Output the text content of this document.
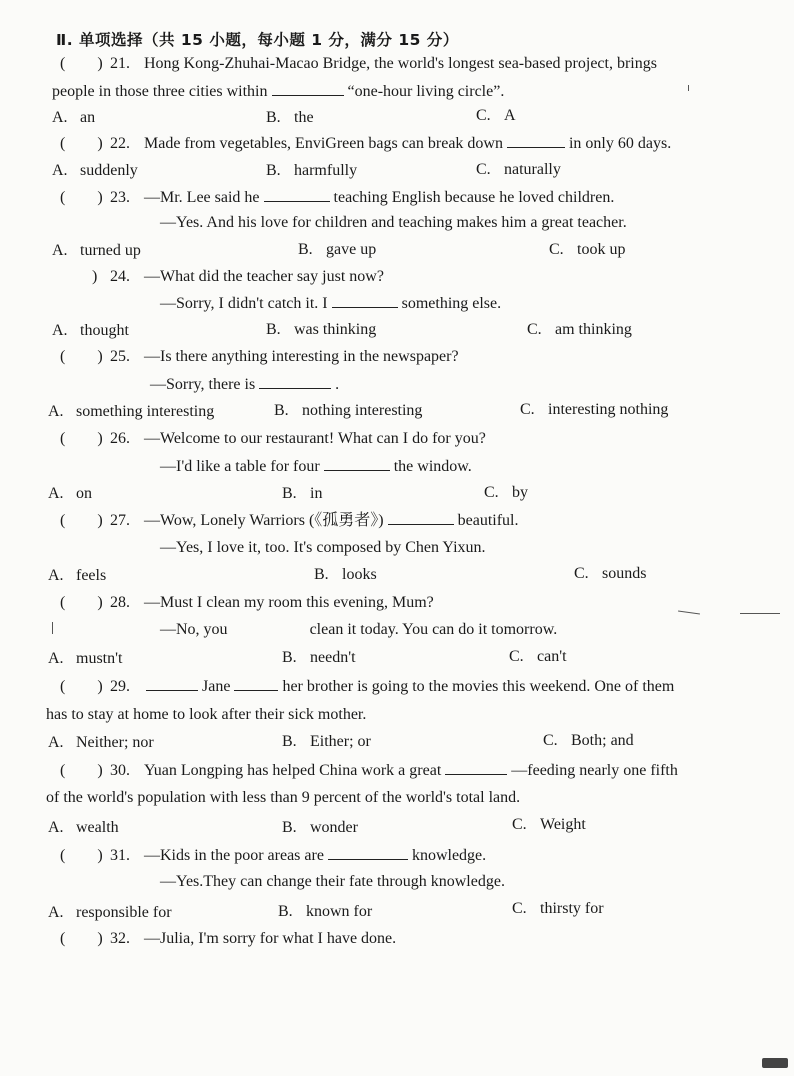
Ⅱ. 单项选择（共 15 小题，每小题 1 分，满分 15 分）
(　　) 21. Hong Kong-Zhuhai-Macao Bridge, the world's longest sea-based project, brings
people in those three cities within	“one-hour living circle”.
A. an	B. the	C. A
(　　) 22. Made from vegetables, EnviGreen bags can break down	in only 60 days.
A. suddenly	B. harmfully	C. naturally
(　　) 23. —Mr. Lee said he	teaching English because he loved children.
—Yes. And his love for children and teaching makes him a great teacher.
A. turned up	B. gave up	C. took up
　　) 24. —What did the teacher say just now?
—Sorry, I didn't catch it. I	something else.
A. thought	B. was thinking	C. am thinking
(　　) 25. —Is there anything interesting in the newspaper?
—Sorry, there is	.
A. something interesting	B. nothing interesting	C. interesting nothing
(　　) 26. —Welcome to our restaurant! What can I do for you?
—I'd like a table for four	the window.
A. on	B. in	C. by
(　　) 27. —Wow, Lonely Warriors (《孤勇者》)	beautiful.
—Yes, I love it, too. It's composed by Chen Yixun.
A. feels	B. looks	C. sounds
(　　) 28. —Must I clean my room this evening, Mum?
—No, you	clean it today. You can do it tomorrow.
A. mustn't	B. needn't	C. can't
(　　) 29.	Jane	her brother is going to the movies this weekend. One of them
has to stay at home to look after their sick mother.
A. Neither; nor	B. Either; or	C. Both; and
(　　) 30. Yuan Longping has helped China work a great	—feeding nearly one fifth
of the world's population with less than 9 percent of the world's total land.
A. wealth	B. wonder	C. Weight
(　　) 31. —Kids in the poor areas are	knowledge.
—Yes.They can change their fate through knowledge.
A. responsible for	B. known for	C. thirsty for
(　　) 32. —Julia, I'm sorry for what I have done.
